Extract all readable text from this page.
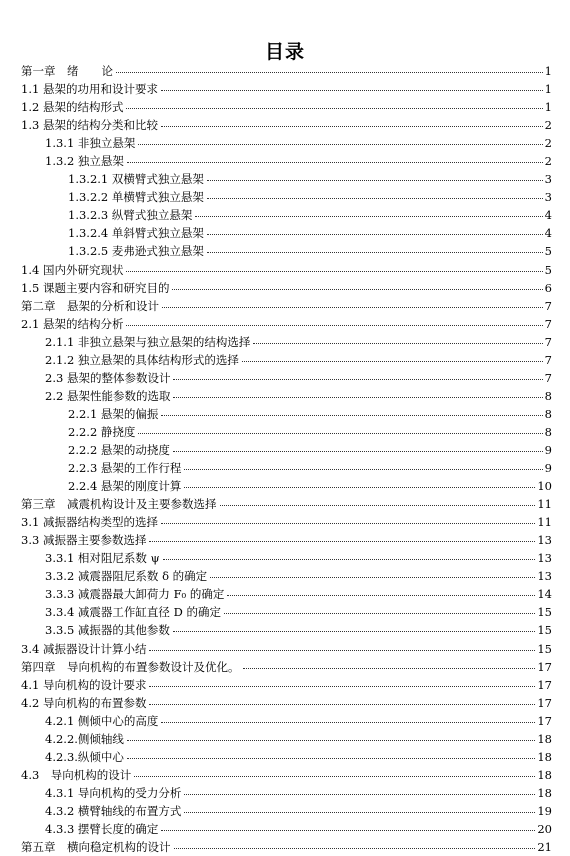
目录
第一章　绪　　论	1
1.1 悬架的功用和设计要求	1
1.2 悬架的结构形式	1
1.3 悬架的结构分类和比较	2
1.3.1 非独立悬架	2
1.3.2 独立悬架	2
1.3.2.1 双横臂式独立悬架	3
1.3.2.2 单横臂式独立悬架	3
1.3.2.3 纵臂式独立悬架	4
1.3.2.4 单斜臂式独立悬架	4
1.3.2.5 麦弗逊式独立悬架	5
1.4 国内外研究现状	5
1.5 课题主要内容和研究目的	6
第二章　悬架的分析和设计	7
2.1 悬架的结构分析	7
2.1.1 非独立悬架与独立悬架的结构选择	7
2.1.2 独立悬架的具体结构形式的选择	7
2.3 悬架的整体参数设计	7
2.2 悬架性能参数的选取	8
2.2.1 悬架的偏振	8
2.2.2 静挠度	8
2.2.2 悬架的动挠度	9
2.2.3 悬架的工作行程	9
2.2.4 悬架的刚度计算	10
第三章　减震机构设计及主要参数选择	11
3.1 减振器结构类型的选择	11
3.3 减振器主要参数选择	13
3.3.1 相对阻尼系数 ψ	13
3.3.2 减震器阻尼系数 δ 的确定	13
3.3.3 减震器最大卸荷力 F₀ 的确定	14
3.3.4 减震器工作缸直径 D 的确定	15
3.3.5 减振器的其他参数	15
3.4 减振器设计计算小结	15
第四章　导向机构的布置参数设计及优化。	17
4.1 导向机构的设计要求	17
4.2 导向机构的布置参数	17
4.2.1 侧倾中心的高度	17
4.2.2.侧倾轴线	18
4.2.3.纵倾中心	18
4.3　导向机构的设计	18
4.3.1 导向机构的受力分析	18
4.3.2 横臂轴线的布置方式	19
4.3.3 摆臂长度的确定	20
第五章　横向稳定机构的设计	21
